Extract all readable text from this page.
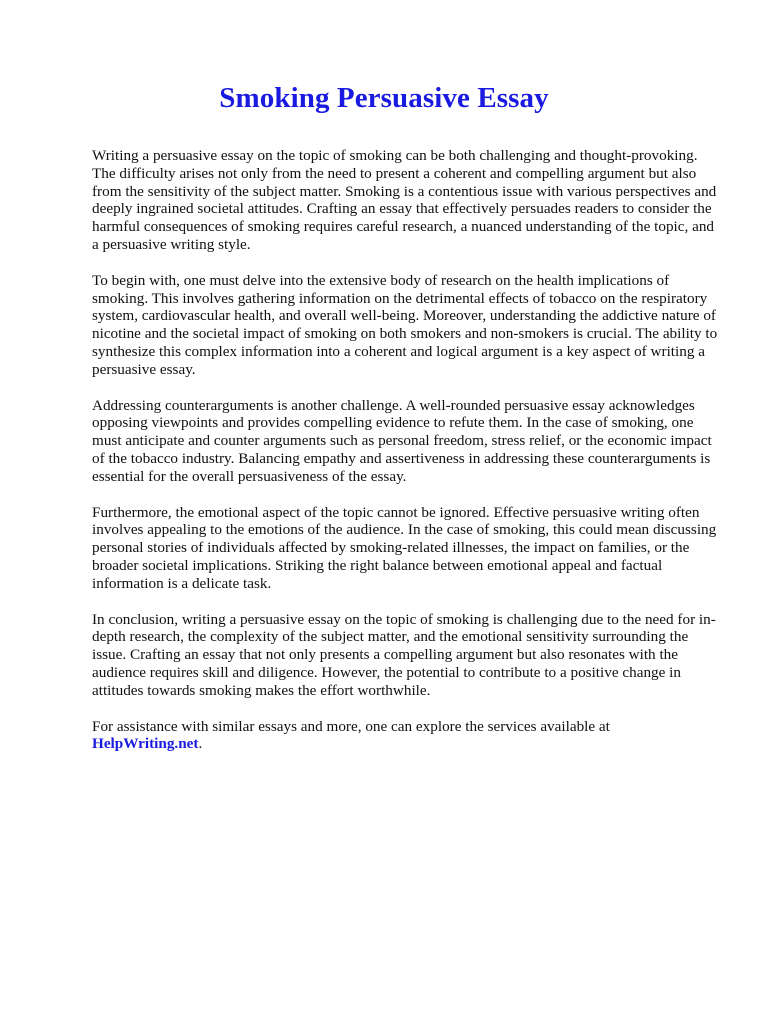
Smoking Persuasive Essay

Writing a persuasive essay on the topic of smoking can be both challenging and thought-provoking. The difficulty arises not only from the need to present a coherent and compelling argument but also from the sensitivity of the subject matter. Smoking is a contentious issue with various perspectives and deeply ingrained societal attitudes. Crafting an essay that effectively persuades readers to consider the harmful consequences of smoking requires careful research, a nuanced understanding of the topic, and a persuasive writing style.

To begin with, one must delve into the extensive body of research on the health implications of smoking. This involves gathering information on the detrimental effects of tobacco on the respiratory system, cardiovascular health, and overall well-being. Moreover, understanding the addictive nature of nicotine and the societal impact of smoking on both smokers and non-smokers is crucial. The ability to synthesize this complex information into a coherent and logical argument is a key aspect of writing a persuasive essay.

Addressing counterarguments is another challenge. A well-rounded persuasive essay acknowledges opposing viewpoints and provides compelling evidence to refute them. In the case of smoking, one must anticipate and counter arguments such as personal freedom, stress relief, or the economic impact of the tobacco industry. Balancing empathy and assertiveness in addressing these counterarguments is essential for the overall persuasiveness of the essay.

Furthermore, the emotional aspect of the topic cannot be ignored. Effective persuasive writing often involves appealing to the emotions of the audience. In the case of smoking, this could mean discussing personal stories of individuals affected by smoking-related illnesses, the impact on families, or the broader societal implications. Striking the right balance between emotional appeal and factual information is a delicate task.

In conclusion, writing a persuasive essay on the topic of smoking is challenging due to the need for in-depth research, the complexity of the subject matter, and the emotional sensitivity surrounding the issue. Crafting an essay that not only presents a compelling argument but also resonates with the audience requires skill and diligence. However, the potential to contribute to a positive change in attitudes towards smoking makes the effort worthwhile.

For assistance with similar essays and more, one can explore the services available at
HelpWriting.net.
